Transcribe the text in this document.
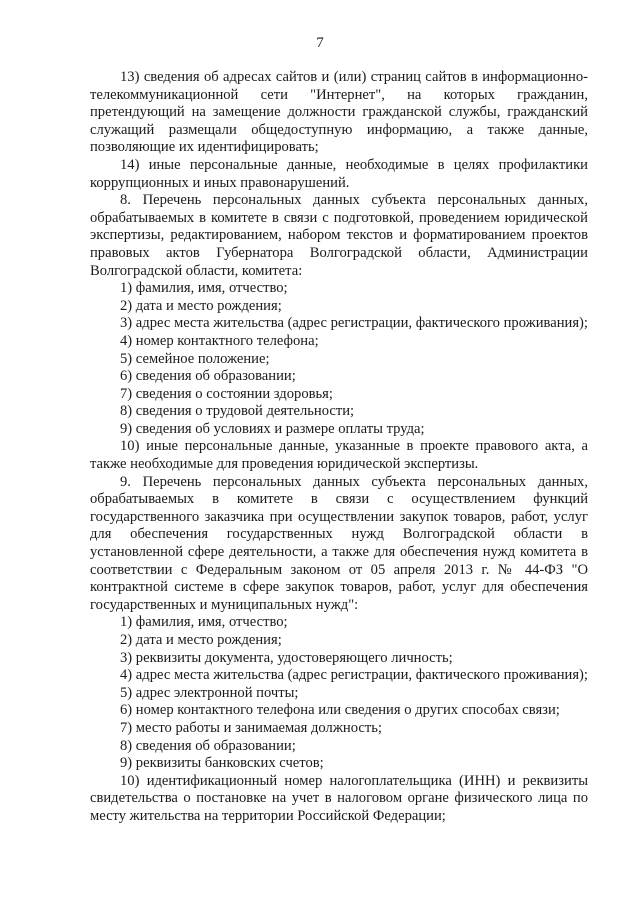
7

13) сведения об адресах сайтов и (или) страниц сайтов в информационно-телекоммуникационной сети "Интернет", на которых гражданин, претендующий на замещение должности гражданской службы, гражданский служащий размещали общедоступную информацию, а также данные, позволяющие их идентифицировать;

14) иные персональные данные, необходимые в целях профилактики коррупционных и иных правонарушений.

8. Перечень персональных данных субъекта персональных данных, обрабатываемых в комитете в связи с подготовкой, проведением юридической экспертизы, редактированием, набором текстов и форматированием проектов правовых актов Губернатора Волгоградской области, Администрации Волгоградской области, комитета:

1) фамилия, имя, отчество;

2) дата и место рождения;

3) адрес места жительства (адрес регистрации, фактического проживания);

4) номер контактного телефона;

5) семейное положение;

6) сведения об образовании;

7) сведения о состоянии здоровья;

8) сведения о трудовой деятельности;

9) сведения об условиях и размере оплаты труда;

10) иные персональные данные, указанные в проекте правового акта, а также необходимые для проведения юридической экспертизы.

9. Перечень персональных данных субъекта персональных данных, обрабатываемых в комитете в связи с осуществлением функций государственного заказчика при осуществлении закупок товаров, работ, услуг для обеспечения государственных нужд Волгоградской области в установленной сфере деятельности, а также для обеспечения нужд комитета в соответствии с Федеральным законом от 05 апреля 2013 г. № 44-ФЗ "О контрактной системе в сфере закупок товаров, работ, услуг для обеспечения государственных и муниципальных нужд":

1) фамилия, имя, отчество;

2) дата и место рождения;

3) реквизиты документа, удостоверяющего личность;

4) адрес места жительства (адрес регистрации, фактического проживания);

5) адрес электронной почты;

6) номер контактного телефона или сведения о других способах связи;

7) место работы и занимаемая должность;

8) сведения об образовании;

9) реквизиты банковских счетов;

10) идентификационный номер налогоплательщика (ИНН) и реквизиты свидетельства о постановке на учет в налоговом органе физического лица по месту жительства на территории Российской Федерации;
